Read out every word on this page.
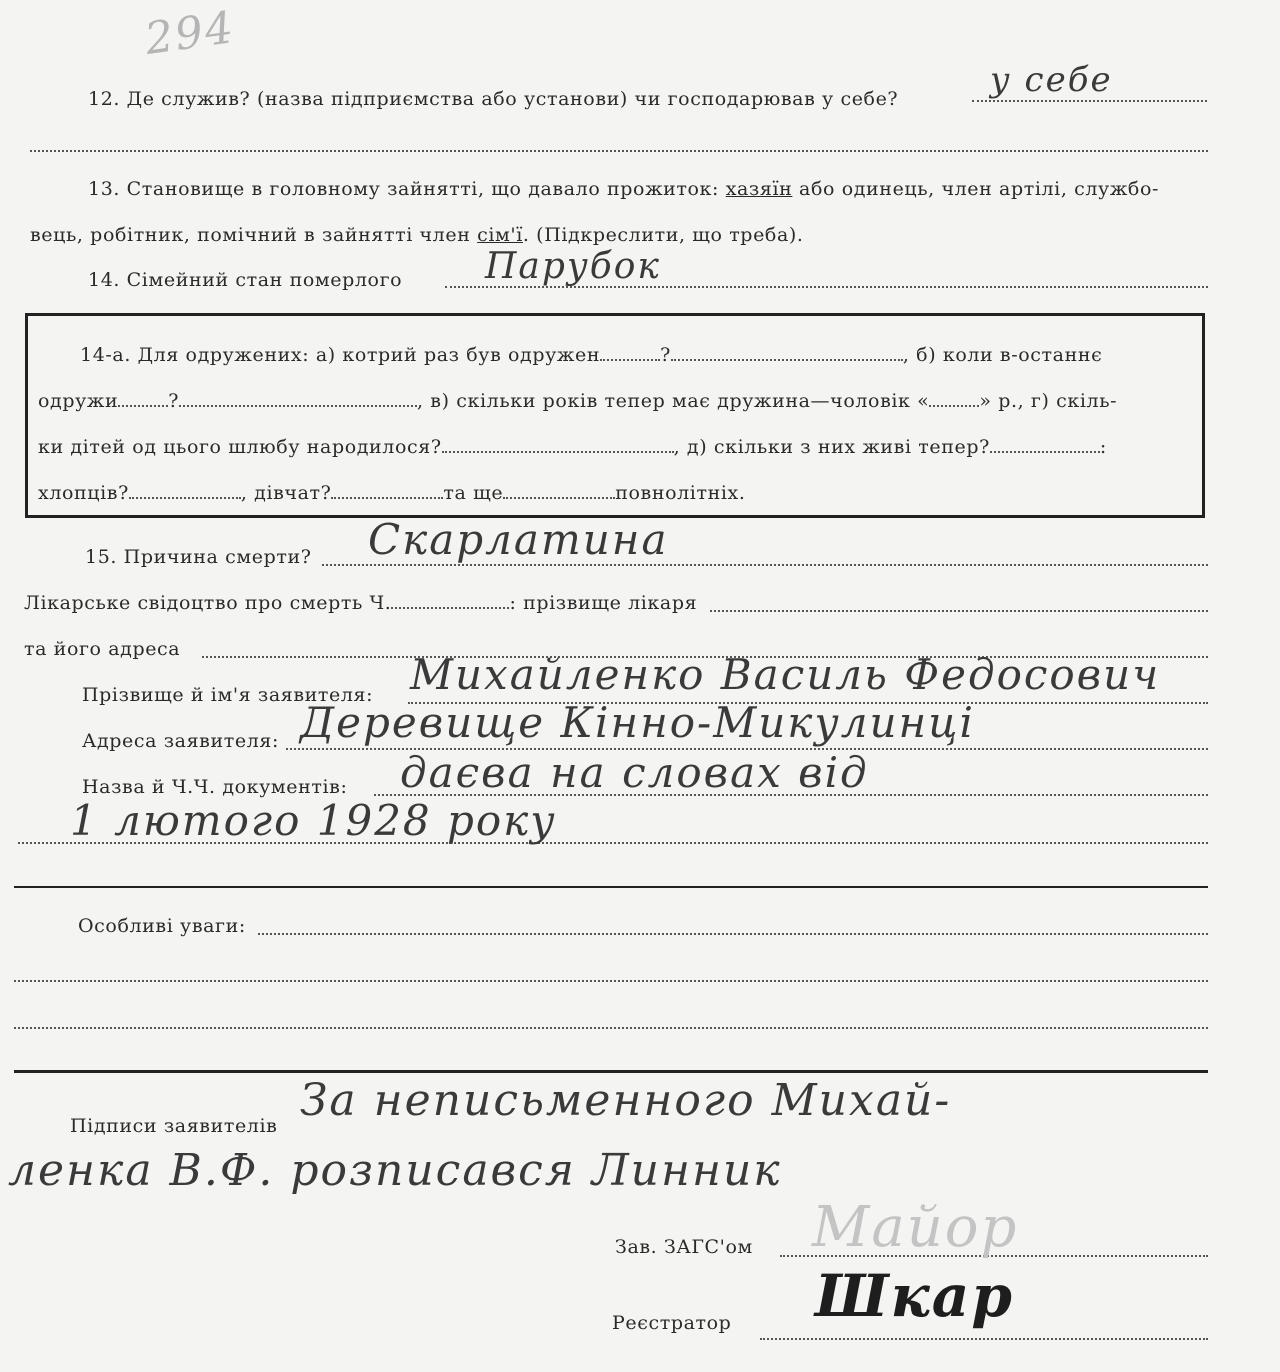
294
12. Де служив? (назва підприємства або установи) чи господарював у себе?	у себе
13. Становище в головному зайнятті, що давало прожиток: хазяїн або одинець, член артілі, службо-
вець, робітник, помічний в зайнятті член сім'ї. (Підкреслити, що треба).
14. Сімейний стан померлого Парубок
14-а. Для одружених: а) котрий раз був одружен	?	, б) коли в-останнє
одружи	?	, в) скільки років тепер має дружина—чоловік «	» р., г) скіль-
ки дітей од цього шлюбу народилося?	, д) скільки з них живі тепер?	:
хлопців?	, дівчат?	та ще	повнолітніх.
15. Причина смерти? Скарлатина
Лікарське свідоцтво про смерть Ч.	: прізвище лікаря
та його адреса
Прізвище й ім'я заявителя: Михайленко Василь Федосович
Адреса заявителя: Деревище Кінно-Микулинці
Назва й Ч.Ч. документів: даєва на словах від
1 лютого 1928 року
Особливі уваги:
Підписи заявителів За неписьменного Михай-
ленка В.Ф. розписався Линник
Зав. ЗАГС'ом Майор
Реєстратор Шкар
